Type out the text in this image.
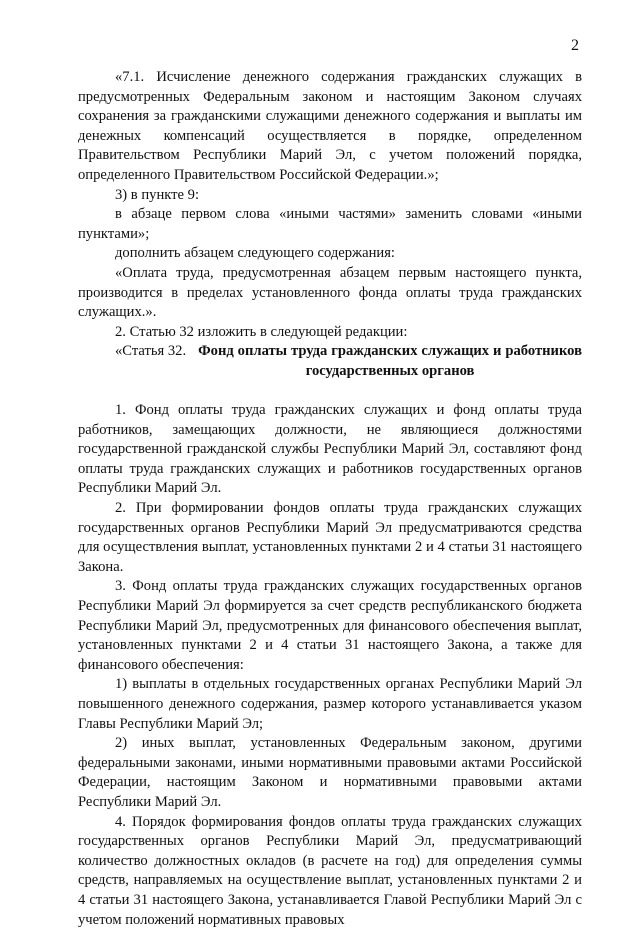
2

«7.1. Исчисление денежного содержания гражданских служащих в предусмотренных Федеральным законом и настоящим Законом случаях сохранения за гражданскими служащими денежного содержания и выплаты им денежных компенсаций осуществляется в порядке, определенном Правительством Республики Марий Эл, с учетом положений порядка, определенного Правительством Российской Федерации.»;

3) в пункте 9:

в абзаце первом слова «иными частями» заменить словами «иными пунктами»;

дополнить абзацем следующего содержания:

«Оплата труда, предусмотренная абзацем первым настоящего пункта, производится в пределах установленного фонда оплаты труда гражданских служащих.».

2. Статью 32 изложить в следующей редакции:

«Статья 32. Фонд оплаты труда гражданских служащих и работников государственных органов

1. Фонд оплаты труда гражданских служащих и фонд оплаты труда работников, замещающих должности, не являющиеся должностями государственной гражданской службы Республики Марий Эл, составляют фонд оплаты труда гражданских служащих и работников государственных органов Республики Марий Эл.

2. При формировании фондов оплаты труда гражданских служащих государственных органов Республики Марий Эл предусматриваются средства для осуществления выплат, установленных пунктами 2 и 4 статьи 31 настоящего Закона.

3. Фонд оплаты труда гражданских служащих государственных органов Республики Марий Эл формируется за счет средств республиканского бюджета Республики Марий Эл, предусмотренных для финансового обеспечения выплат, установленных пунктами 2 и 4 статьи 31 настоящего Закона, а также для финансового обеспечения:

1) выплаты в отдельных государственных органах Республики Марий Эл повышенного денежного содержания, размер которого устанавливается указом Главы Республики Марий Эл;

2) иных выплат, установленных Федеральным законом, другими федеральными законами, иными нормативными правовыми актами Российской Федерации, настоящим Законом и нормативными правовыми актами Республики Марий Эл.

4. Порядок формирования фондов оплаты труда гражданских служащих государственных органов Республики Марий Эл, предусматривающий количество должностных окладов (в расчете на год) для определения суммы средств, направляемых на осуществление выплат, установленных пунктами 2 и 4 статьи 31 настоящего Закона, устанавливается Главой Республики Марий Эл с учетом положений нормативных правовых
